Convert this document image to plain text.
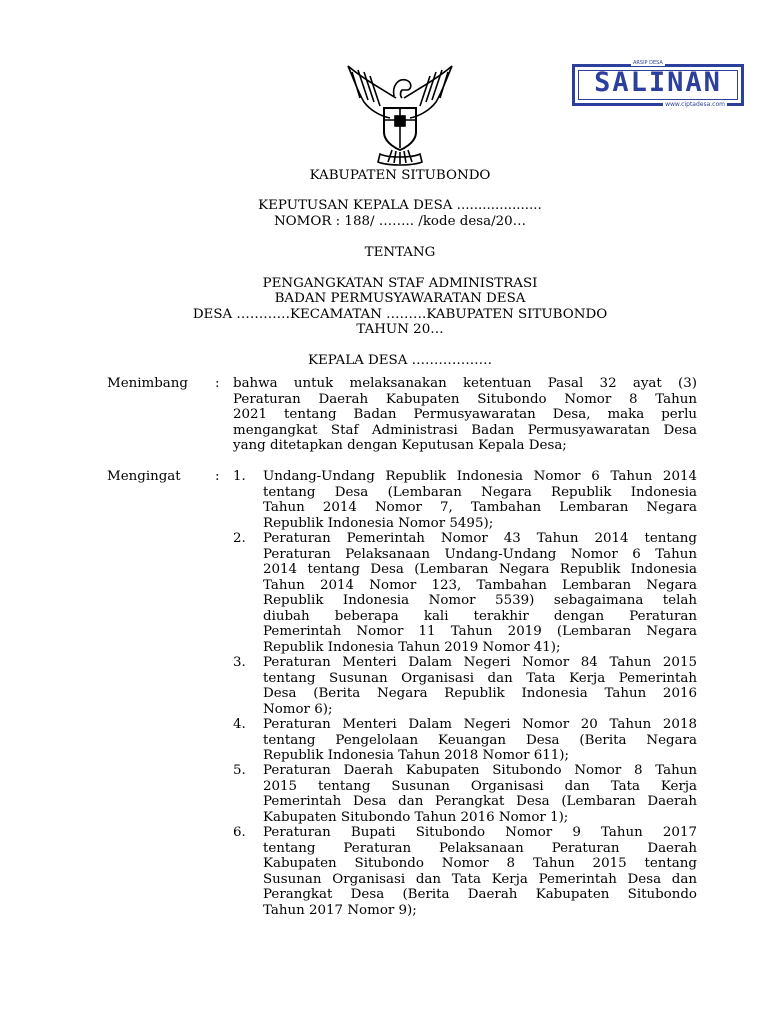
ARSIP DESA
SALINAN
www.ciptadesa.com
KABUPATEN SITUBONDO
KEPUTUSAN KEPALA DESA ....................
NOMOR : 188/ …….. /kode desa/20…
TENTANG
PENGANGKATAN STAF ADMINISTRASI
BADAN PERMUSYAWARATAN DESA
DESA …………KECAMATAN ………KABUPATEN SITUBONDO
TAHUN 20…
KEPALA DESA ………………
Menimbang : bahwa untuk melaksanakan ketentuan Pasal 32 ayat (3)
Peraturan Daerah Kabupaten Situbondo Nomor 8 Tahun
2021 tentang Badan Permusyawaratan Desa, maka perlu
mengangkat Staf Administrasi Badan Permusyawaratan Desa
yang ditetapkan dengan Keputusan Kepala Desa;
Mengingat	: 1. Undang-Undang Republik Indonesia Nomor 6 Tahun 2014
tentang Desa (Lembaran Negara Republik Indonesia
Tahun 2014 Nomor 7, Tambahan Lembaran Negara
Republik Indonesia Nomor 5495);
2. Peraturan Pemerintah Nomor 43 Tahun 2014 tentang
Peraturan Pelaksanaan Undang-Undang Nomor 6 Tahun
2014 tentang Desa (Lembaran Negara Republik Indonesia
Tahun 2014 Nomor 123, Tambahan Lembaran Negara
Republik Indonesia Nomor 5539) sebagaimana telah
diubah beberapa kali terakhir dengan Peraturan
Pemerintah Nomor 11 Tahun 2019 (Lembaran Negara
Republik Indonesia Tahun 2019 Nomor 41);
3. Peraturan Menteri Dalam Negeri Nomor 84 Tahun 2015
tentang Susunan Organisasi dan Tata Kerja Pemerintah
Desa (Berita Negara Republik Indonesia Tahun 2016
Nomor 6);
4. Peraturan Menteri Dalam Negeri Nomor 20 Tahun 2018
tentang Pengelolaan Keuangan Desa (Berita Negara
Republik Indonesia Tahun 2018 Nomor 611);
5. Peraturan Daerah Kabupaten Situbondo Nomor 8 Tahun
2015 tentang Susunan Organisasi dan Tata Kerja
Pemerintah Desa dan Perangkat Desa (Lembaran Daerah
Kabupaten Situbondo Tahun 2016 Nomor 1);
6. Peraturan Bupati Situbondo Nomor 9 Tahun 2017
tentang Peraturan Pelaksanaan Peraturan Daerah
Kabupaten Situbondo Nomor 8 Tahun 2015 tentang
Susunan Organisasi dan Tata Kerja Pemerintah Desa dan
Perangkat Desa (Berita Daerah Kabupaten Situbondo
Tahun 2017 Nomor 9);
